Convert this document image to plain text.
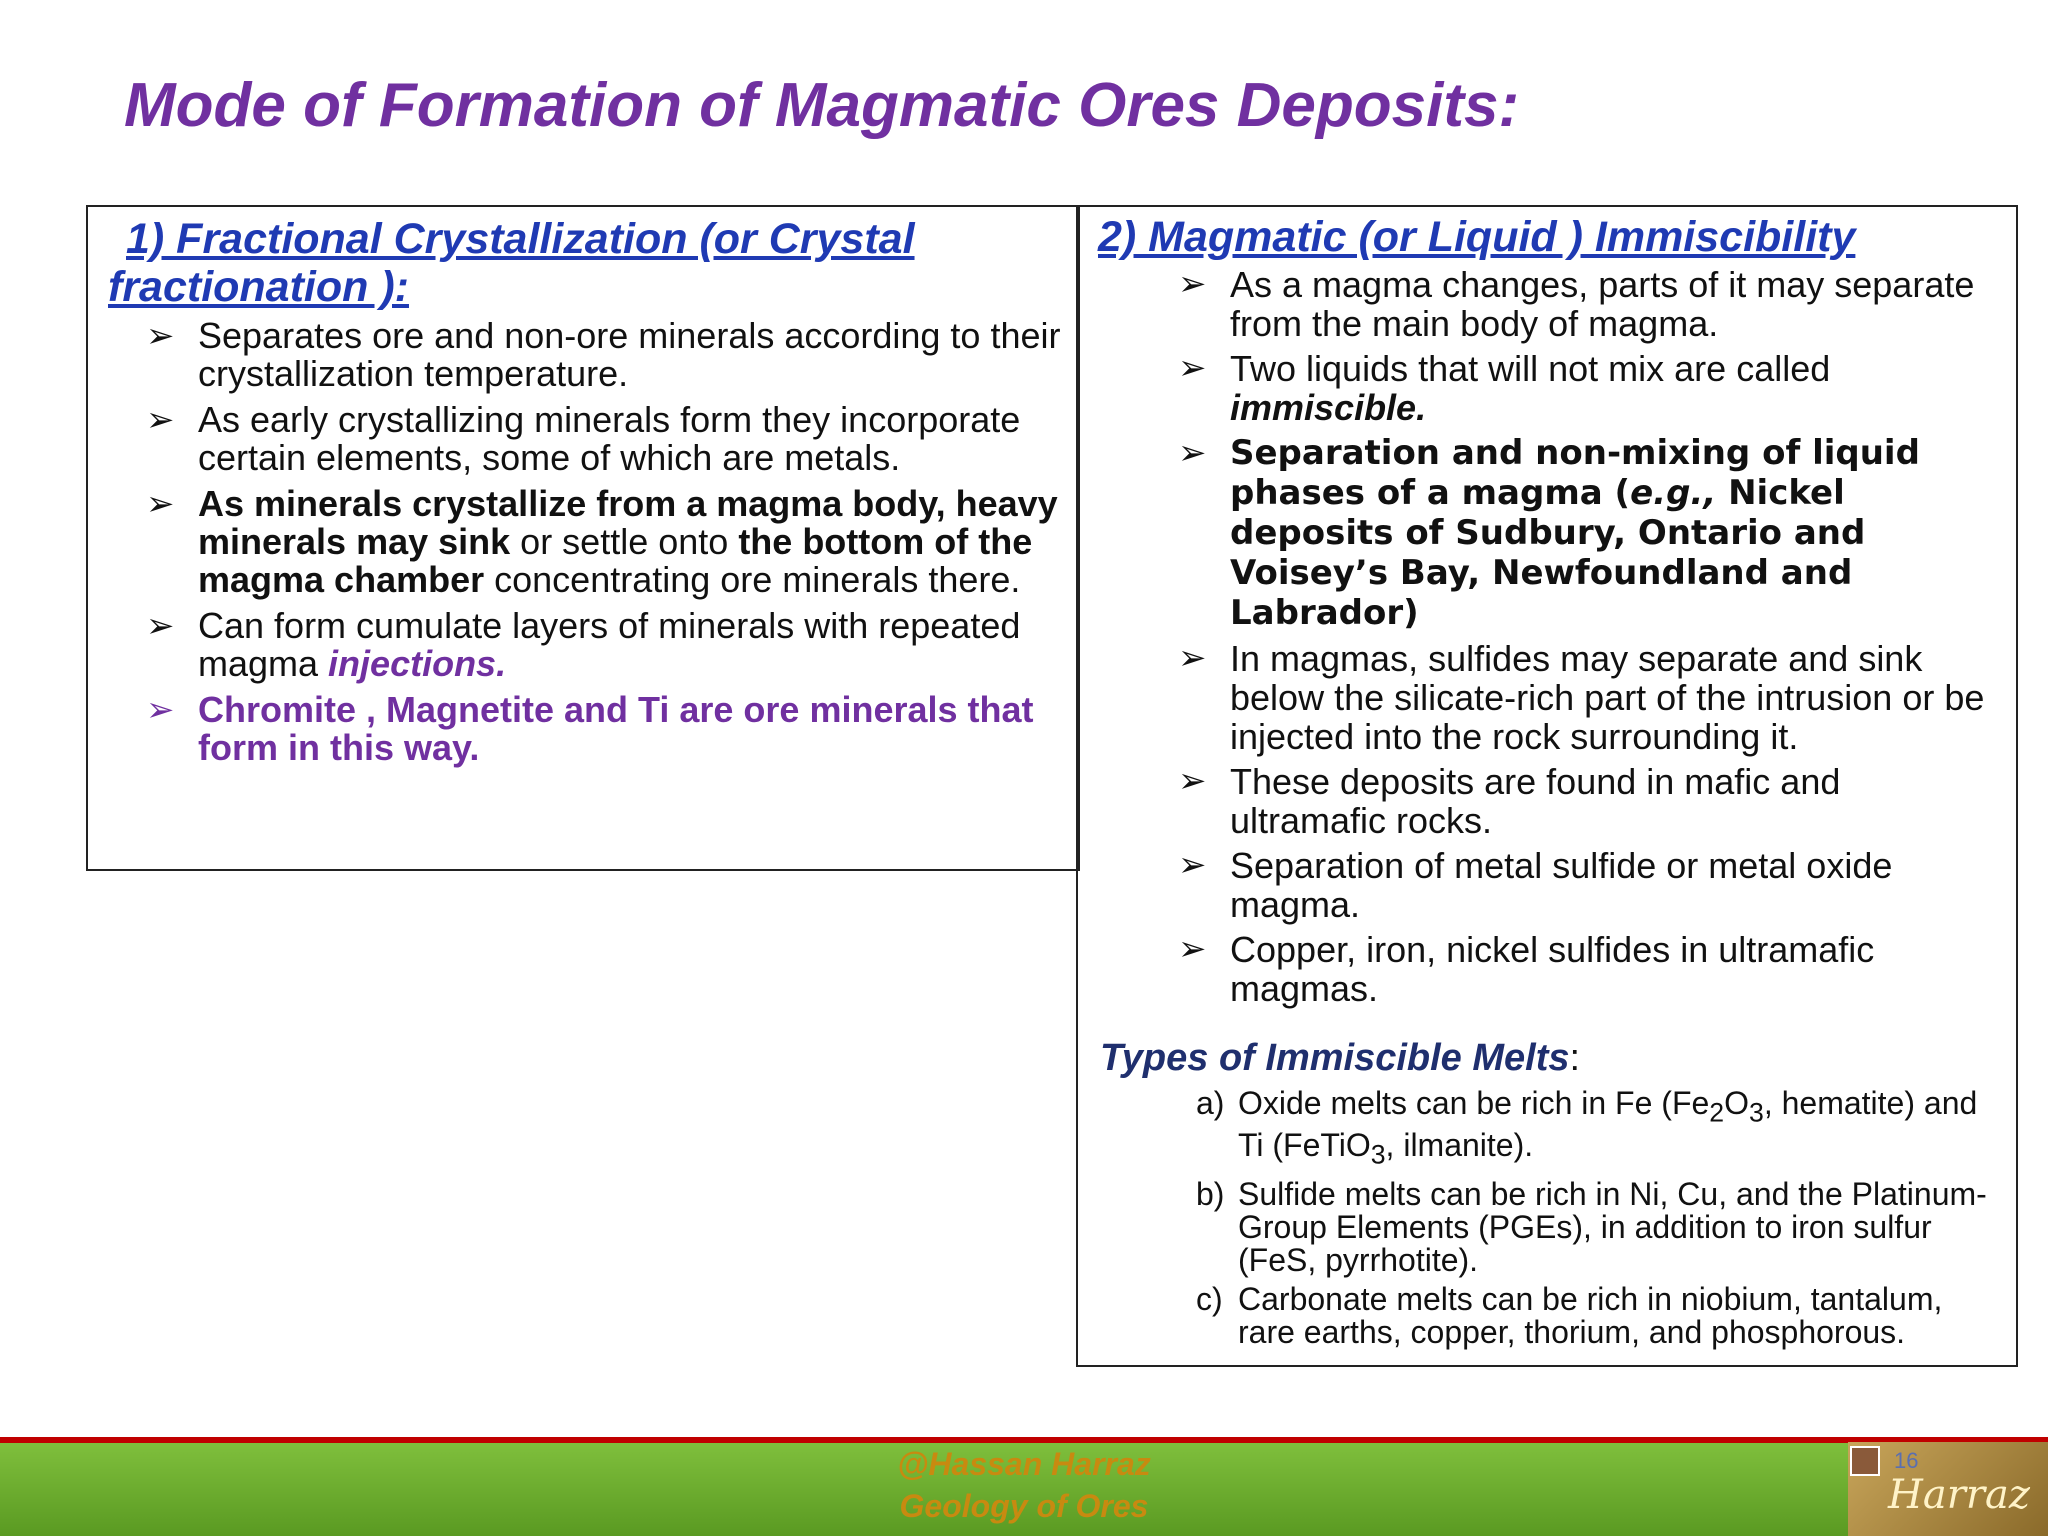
Mode of Formation of Magmatic Ores Deposits:
1) Fractional Crystallization (or Crystal
fractionation ):
➢ Separates ore and non-ore minerals according to their crystallization temperature.
➢ As early crystallizing minerals form they incorporate certain elements, some of which are metals.
➢ As minerals crystallize from a magma body, heavy minerals may sink or settle onto the bottom of the magma chamber concentrating ore minerals there.
➢ Can form cumulate layers of minerals with repeated magma injections.
➢ Chromite , Magnetite and Ti are ore minerals that form in this way.
2) Magmatic (or Liquid ) Immiscibility
➢ As a magma changes, parts of it may separate from the main body of magma.
➢ Two liquids that will not mix are called immiscible.
➢ Separation and non-mixing of liquid phases of a magma (e.g., Nickel deposits of Sudbury, Ontario and Voisey’s Bay, Newfoundland and Labrador)
➢ In magmas, sulfides may separate and sink below the silicate-rich part of the intrusion or be injected into the rock surrounding it.
➢ These deposits are found in mafic and ultramafic rocks.
➢ Separation of metal sulfide or metal oxide magma.
➢ Copper, iron, nickel sulfides in ultramafic magmas.
Types of Immiscible Melts:
a) Oxide melts can be rich in Fe ($Fe_2O_3$, hematite) and Ti (FeTiO$_3$, ilmanite).
b) Sulfide melts can be rich in Ni, Cu, and the Platinum-Group Elements (PGEs), in addition to iron sulfur (FeS, pyrrhotite).
c) Carbonate melts can be rich in niobium, tantalum, rare earths, copper, thorium, and phosphorous.
@Hassan Harraz
Geology of Ores	Harraz
16
